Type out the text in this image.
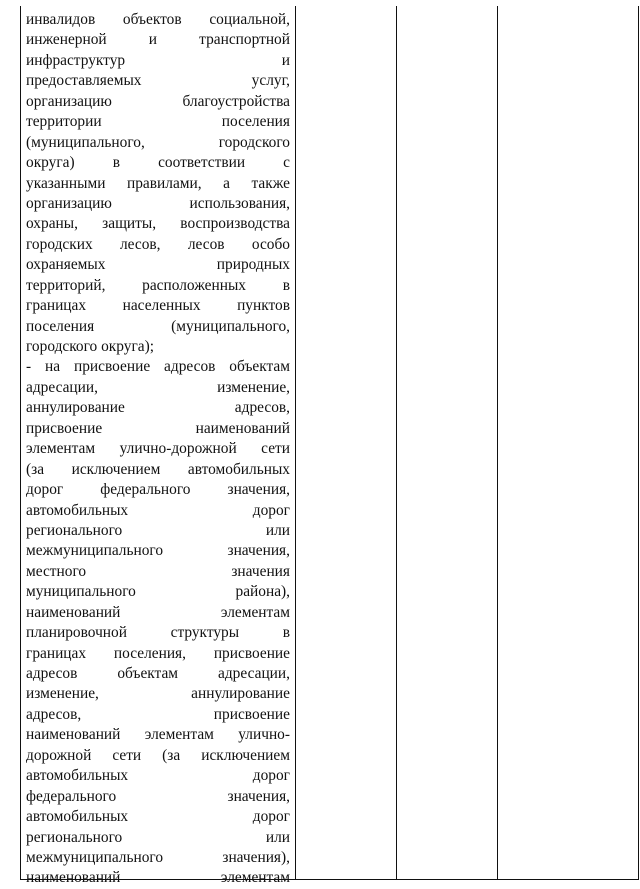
инвалидов объектов социальной,
инженерной и транспортной
инфраструктур и
предоставляемых услуг,
организацию благоустройства
территории поселения
(муниципального, городского
округа) в соответствии с
указанными правилами, а также
организацию использования,
охраны, защиты, воспроизводства
городских лесов, лесов особо
охраняемых природных
территорий, расположенных в
границах населенных пунктов
поселения (муниципального,
городского округа);
- на присвоение адресов объектам
адресации, изменение,
аннулирование адресов,
присвоение наименований
элементам улично-дорожной сети
(за исключением автомобильных
дорог федерального значения,
автомобильных дорог
регионального или
межмуниципального значения,
местного значения
муниципального района),
наименований элементам
планировочной структуры в
границах поселения, присвоение
адресов объектам адресации,
изменение, аннулирование
адресов, присвоение
наименований элементам улично-
дорожной сети (за исключением
автомобильных дорог
федерального значения,
автомобильных дорог
регионального или
межмуниципального значения),
наименований элементам
